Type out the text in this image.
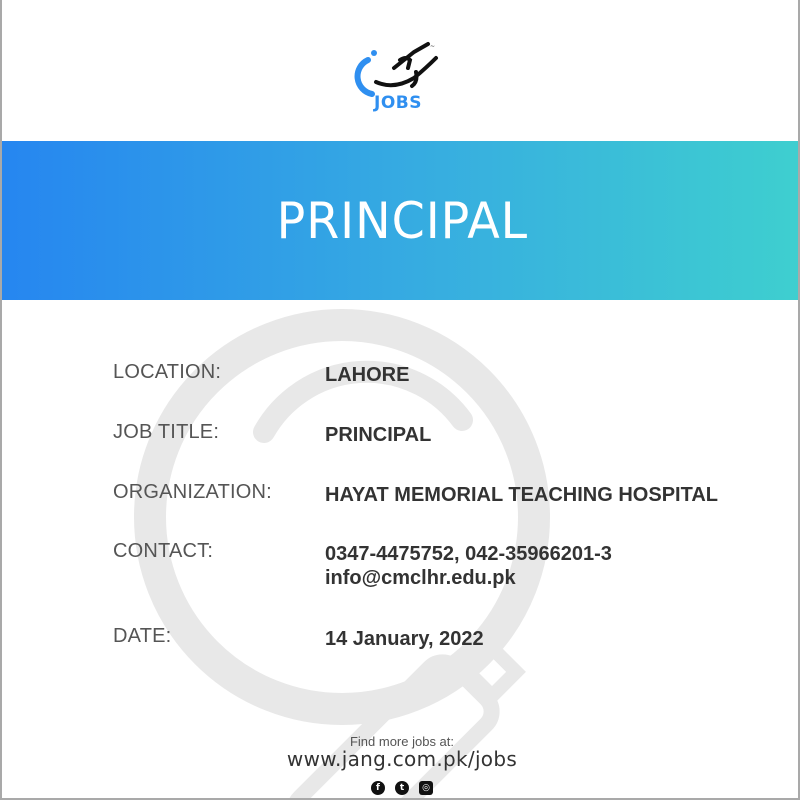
~
JOBS
PRINCIPAL
LOCATION:	LAHORE
JOB TITLE:	PRINCIPAL
ORGANIZATION:	HAYAT MEMORIAL TEACHING HOSPITAL
CONTACT:	0347-4475752, 042-35966201-3
info@cmclhr.edu.pk
DATE:	14 January, 2022
Find more jobs at:
www.jang.com.pk/jobs
f	t	◎
